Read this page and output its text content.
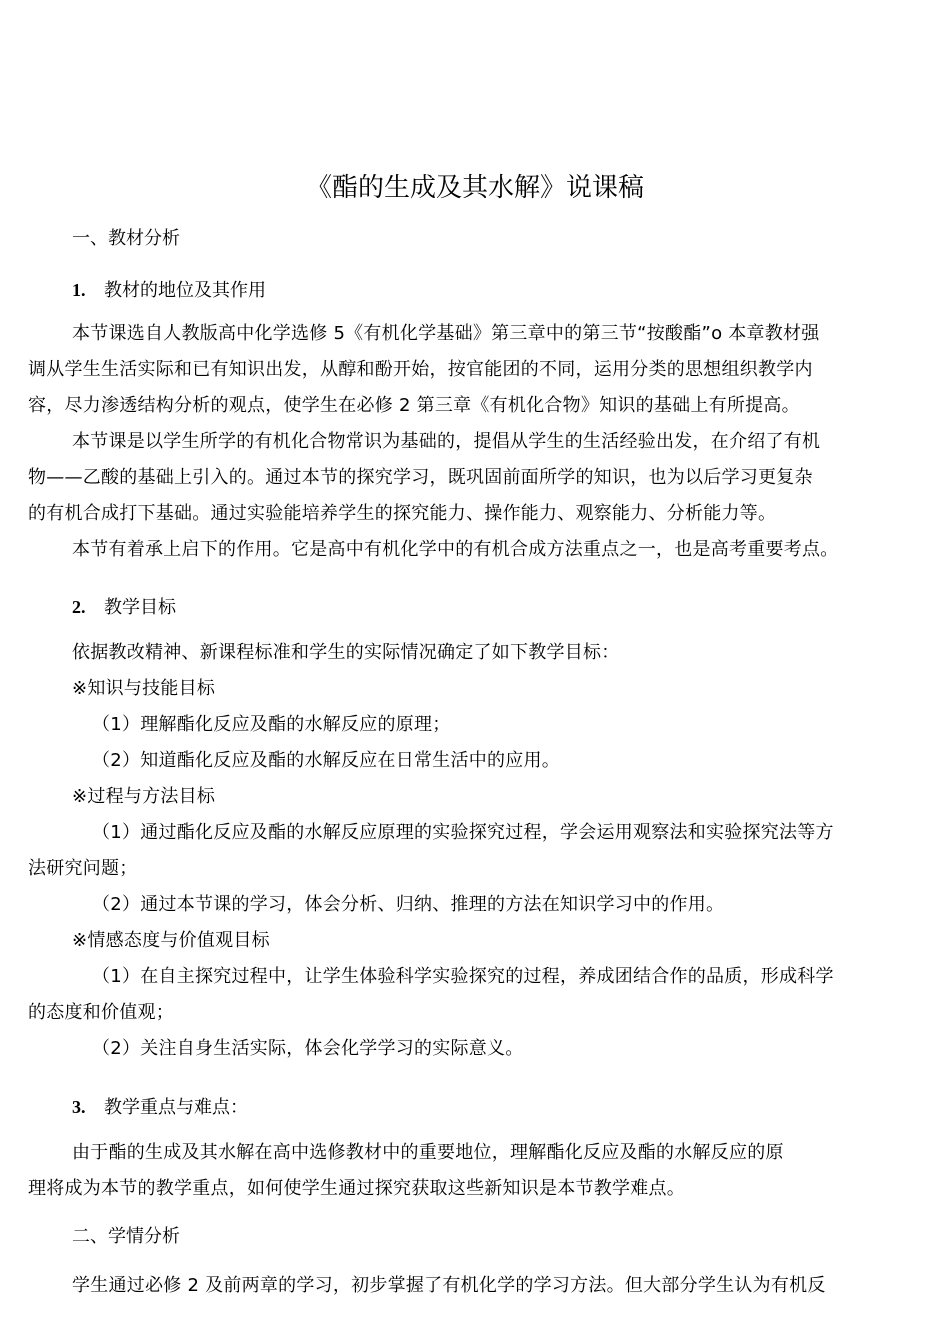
《酯的生成及其水解》说课稿
一、教材分析
1. 教材的地位及其作用
本节课选自人教版高中化学选修 5《有机化学基础》第三章中的第三节“按酸酯”o 本章教材强
调从学生生活实际和已有知识出发，从醇和酚开始，按官能团的不同，运用分类的思想组织教学内
容，尽力渗透结构分析的观点，使学生在必修 2 第三章《有机化合物》知识的基础上有所提高。
本节课是以学生所学的有机化合物常识为基础的，提倡从学生的生活经验出发，在介绍了有机
物——乙酸的基础上引入的。通过本节的探究学习，既巩固前面所学的知识，也为以后学习更复杂
的有机合成打下基础。通过实验能培养学生的探究能力、操作能力、观察能力、分析能力等。
本节有着承上启下的作用。它是高中有机化学中的有机合成方法重点之一，也是高考重要考点。
2. 教学目标
依据教改精神、新课程标准和学生的实际情况确定了如下教学目标：
※知识与技能目标
（1）理解酯化反应及酯的水解反应的原理；
（2）知道酯化反应及酯的水解反应在日常生活中的应用。
※过程与方法目标
（1）通过酯化反应及酯的水解反应原理的实验探究过程，学会运用观察法和实验探究法等方
法研究问题；
（2）通过本节课的学习，体会分析、归纳、推理的方法在知识学习中的作用。
※情感态度与价值观目标
（1）在自主探究过程中，让学生体验科学实验探究的过程，养成团结合作的品质，形成科学
的态度和价值观；
（2）关注自身生活实际，体会化学学习的实际意义。
3. 教学重点与难点：
由于酯的生成及其水解在高中选修教材中的重要地位，理解酯化反应及酯的水解反应的原
理将成为本节的教学重点，如何使学生通过探究获取这些新知识是本节教学难点。
二、学情分析
学生通过必修 2 及前两章的学习，初步掌握了有机化学的学习方法。但大部分学生认为有机反
